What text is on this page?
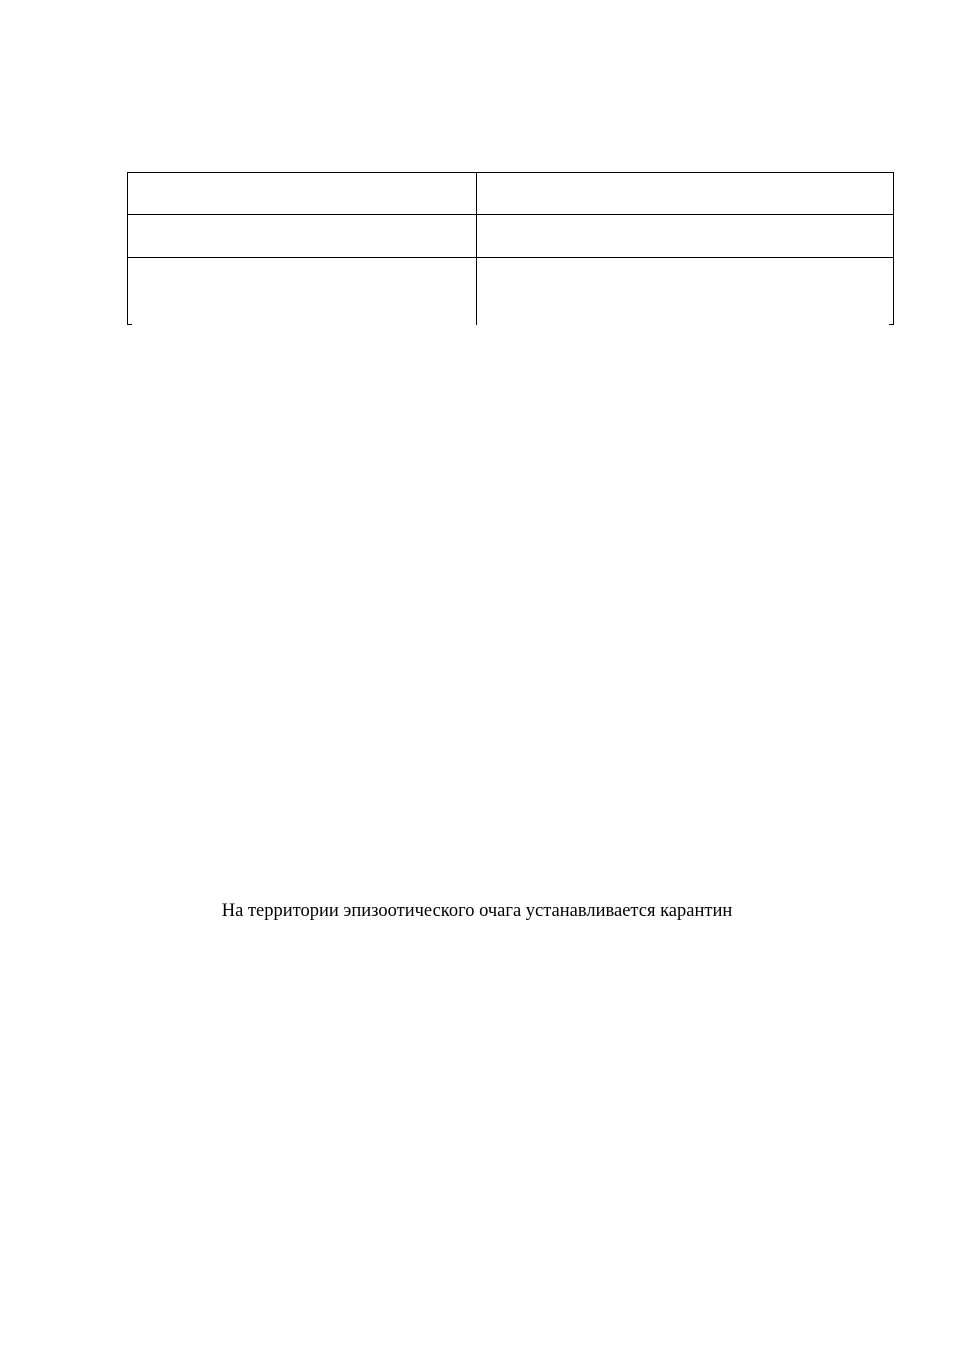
На территории эпизоотического очага устанавливается карантин
